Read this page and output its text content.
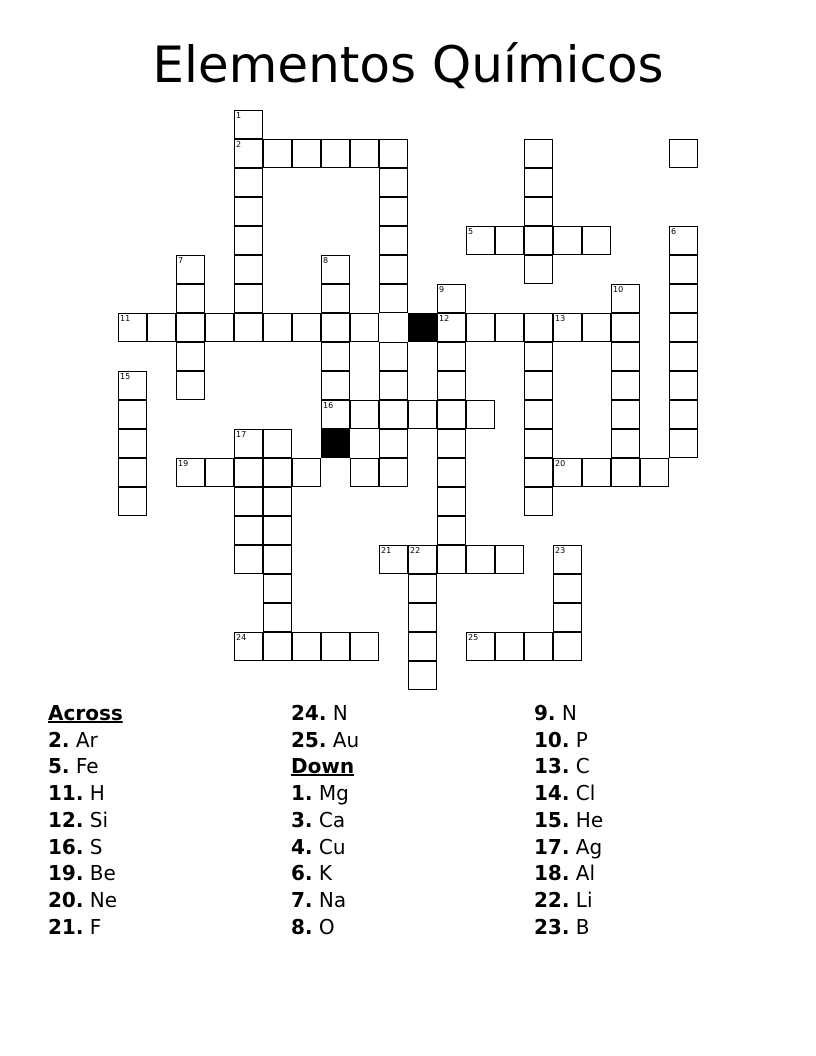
Elementos Químicos
1
2
5	6
7	8
9	10
11	12	13
15
16
17
19	20
21 22	23
24	25
Across
2. Ar
5. Fe
11. H
12. Si
16. S
19. Be
20. Ne
21. F
24. N
25. Au
Down
1. Mg
3. Ca
4. Cu
6. K
7. Na
8. O
9. N
10. P
13. C
14. Cl
15. He
17. Ag
18. Al
22. Li
23. B
